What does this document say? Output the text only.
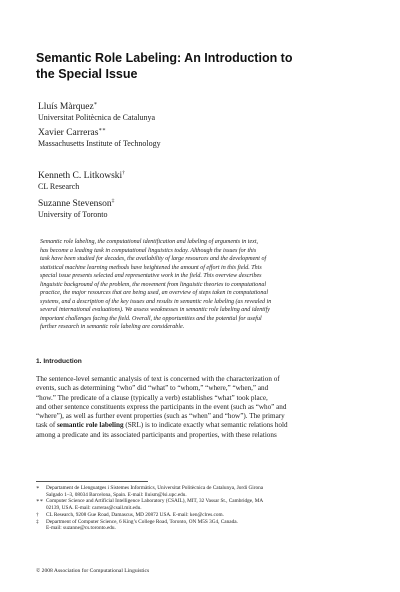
Semantic Role Labeling: An Introduction to
the Special Issue
Lluís Màrquez∗
Universitat Politècnica de Catalunya
Xavier Carreras∗∗
Massachusetts Institute of Technology
Kenneth C. Litkowski†
CL Research
Suzanne Stevenson‡
University of Toronto
Semantic role labeling, the computational identification and labeling of arguments in text,
has become a leading task in computational linguistics today. Although the issues for this
task have been studied for decades, the availability of large resources and the development of
statistical machine learning methods have heightened the amount of effort in this field. This
special issue presents selected and representative work in the field. This overview describes
linguistic background of the problem, the movement from linguistic theories to computational
practice, the major resources that are being used, an overview of steps taken in computational
systems, and a description of the key issues and results in semantic role labeling (as revealed in
several international evaluations). We assess weaknesses in semantic role labeling and identify
important challenges facing the field. Overall, the opportunities and the potential for useful
further research in semantic role labeling are considerable.
1. Introduction
The sentence-level semantic analysis of text is concerned with the characterization of
events, such as determining “who” did “what” to “whom,” “where,” “when,” and
“how.” The predicate of a clause (typically a verb) establishes “what” took place,
and other sentence constituents express the participants in the event (such as “who” and
“where”), as well as further event properties (such as “when” and “how”). The primary
task of semantic role labeling (SRL) is to indicate exactly what semantic relations hold
among a predicate and its associated participants and properties, with these relations
∗	Departament de Llenguatges i Sistemes Informàtics, Universitat Politècnica de Catalunya, Jordi Girona
Salgado 1–3, 08034 Barcelona, Spain. E-mail: lluism@lsi.upc.edu.
∗∗ Computer Science and Artificial Intelligence Laboratory (CSAIL), MIT, 32 Vassar St., Cambridge, MA
02139, USA. E-mail: carreras@csail.mit.edu.
†	CL Research, 9208 Gue Road, Damascus, MD 20872 USA. E-mail: ken@clres.com.
‡	Department of Computer Science, 6 King’s College Road, Toronto, ON M5S 3G4, Canada.
E-mail: suzanne@cs.toronto.edu.
© 2008 Association for Computational Linguistics
